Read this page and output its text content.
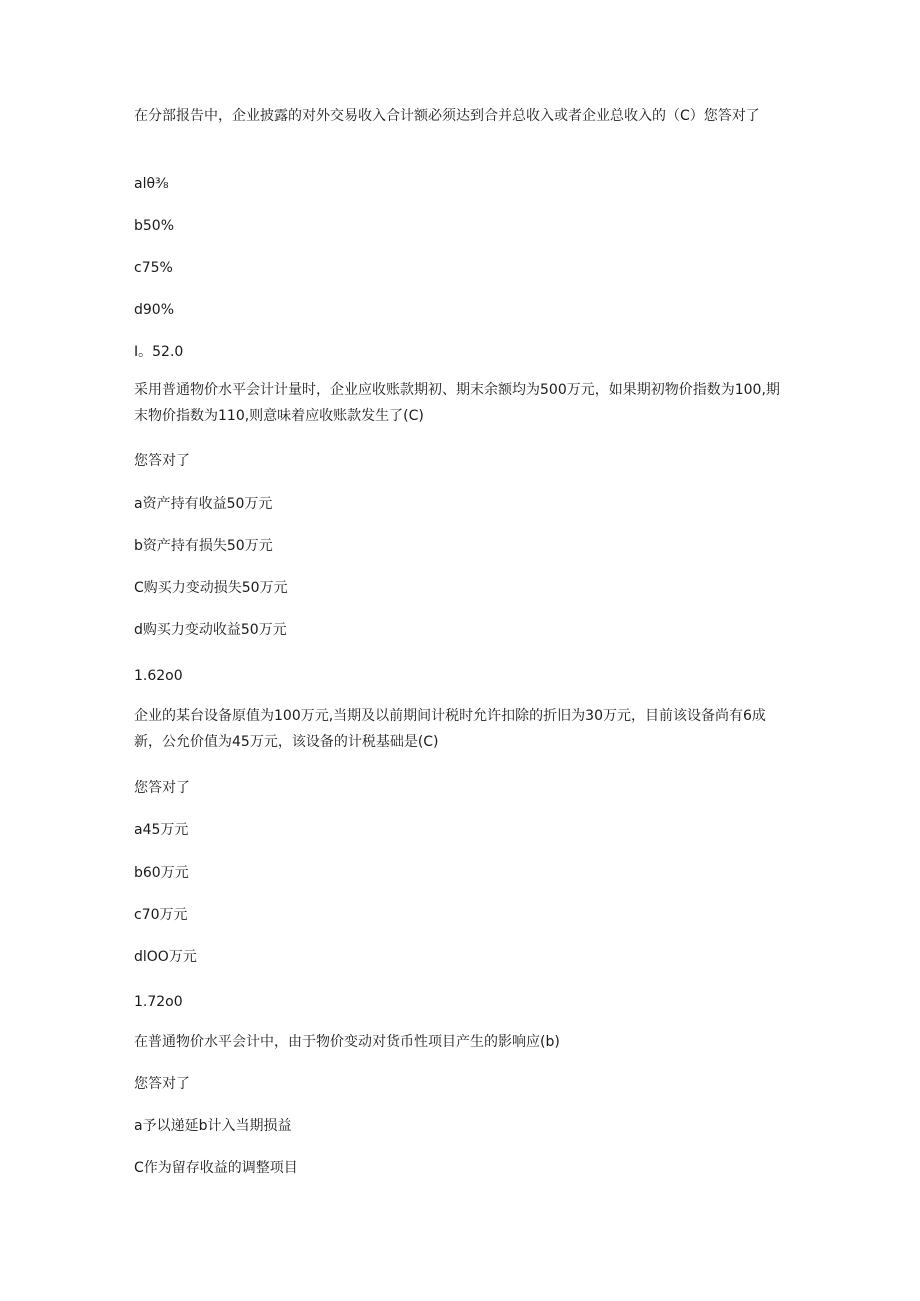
在分部报告中，企业披露的对外交易收入合计额必须达到合并总收入或者企业总收入的（C）您答对了
alθ⅜
b50%
c75%
d90%
I。52.0
采用普通物价水平会计计量时，企业应收账款期初、期末余额均为500万元，如果期初物价指数为100,期末物价指数为110,则意味着应收账款发生了(C)
您答对了
a资产持有收益50万元
b资产持有损失50万元
C购买力变动损失50万元
d购买力变动收益50万元
1.62o0
企业的某台设备原值为100万元,当期及以前期间计税时允许扣除的折旧为30万元，目前该设备尚有6成新，公允价值为45万元，该设备的计税基础是(C)
您答对了
a45万元
b60万元
c70万元
dlOO万元
1.72o0
在普通物价水平会计中，由于物价变动对货币性项目产生的影响应(b)
您答对了
a予以递延b计入当期损益
C作为留存收益的调整项目
